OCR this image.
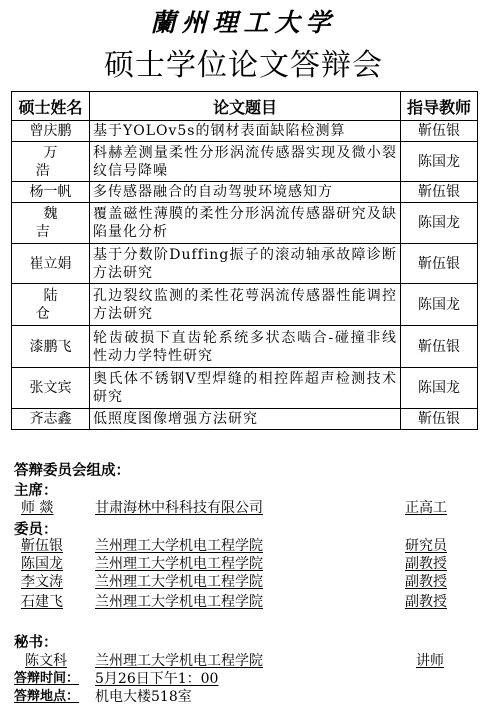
蘭州理工大学
硕士学位论文答辩会
硕士姓名	论文题目	指导教师
曾庆鹏	基于YOLOv5s的钢材表面缺陷检测算	靳伍银
万浩	科赫差测量柔性分形涡流传感器实现及微小裂纹信号降噪	陈国龙
杨一帆	多传感器融合的自动驾驶环境感知方	靳伍银
魏吉	覆盖磁性薄膜的柔性分形涡流传感器研究及缺陷量化分析	陈国龙
崔立娟	基于分数阶Duffing振子的滚动轴承故障诊断方法研究	靳伍银
陆仓	孔边裂纹监测的柔性花萼涡流传感器性能调控方法研究	陈国龙
漆鹏飞	轮齿破损下直齿轮系统多状态啮合-碰撞非线性动力学特性研究	靳伍银
张文宾	奥氏体不锈钢V型焊缝的相控阵超声检测技术研究	陈国龙
齐志鑫	低照度图像增强方法研究	靳伍银
答辩委员会组成：
主席：
师 燚	甘肃海林中科科技有限公司	正高工
委员：
靳伍银 兰州理工大学机电工程学院	研究员
陈国龙 兰州理工大学机电工程学院	副教授
李文涛 兰州理工大学机电工程学院	副教授
石建飞 兰州理工大学机电工程学院	副教授
秘书：
陈文科 兰州理工大学机电工程学院	讲师
答辩时间： 5月26日下午1：00
答辩地点： 机电大楼518室
